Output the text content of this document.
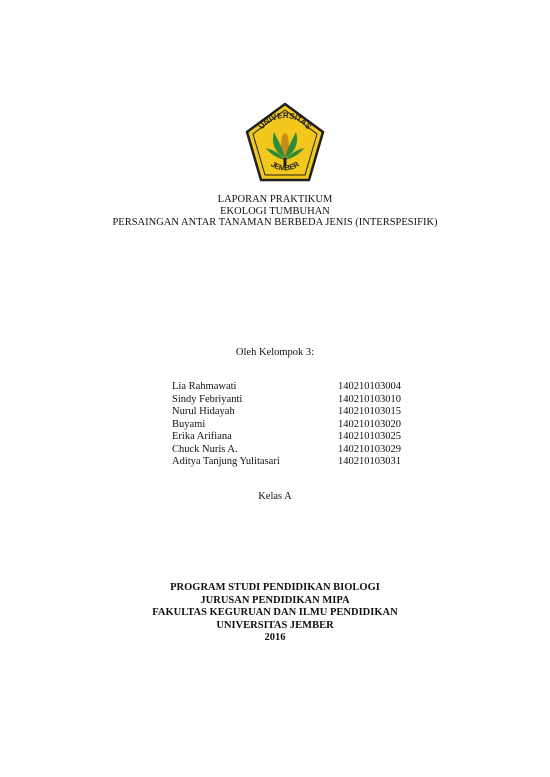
UNIVERSITAS
JEMBER
LAPORAN PRAKTIKUM
EKOLOGI TUMBUHAN
PERSAINGAN ANTAR TANAMAN BERBEDA JENIS (INTERSPESIFIK)
Oleh Kelompok 3:
Lia Rahmawati	140210103004
Sindy Febriyanti	140210103010
Nurul Hidayah	140210103015
Buyami	140210103020
Erika Arifiana	140210103025
Chuck Nuris A.	140210103029
Aditya Tanjung Yulitasari	140210103031
Kelas A
PROGRAM STUDI PENDIDIKAN BIOLOGI
JURUSAN PENDIDIKAN MIPA
FAKULTAS KEGURUAN DAN ILMU PENDIDIKAN
UNIVERSITAS JEMBER
2016
